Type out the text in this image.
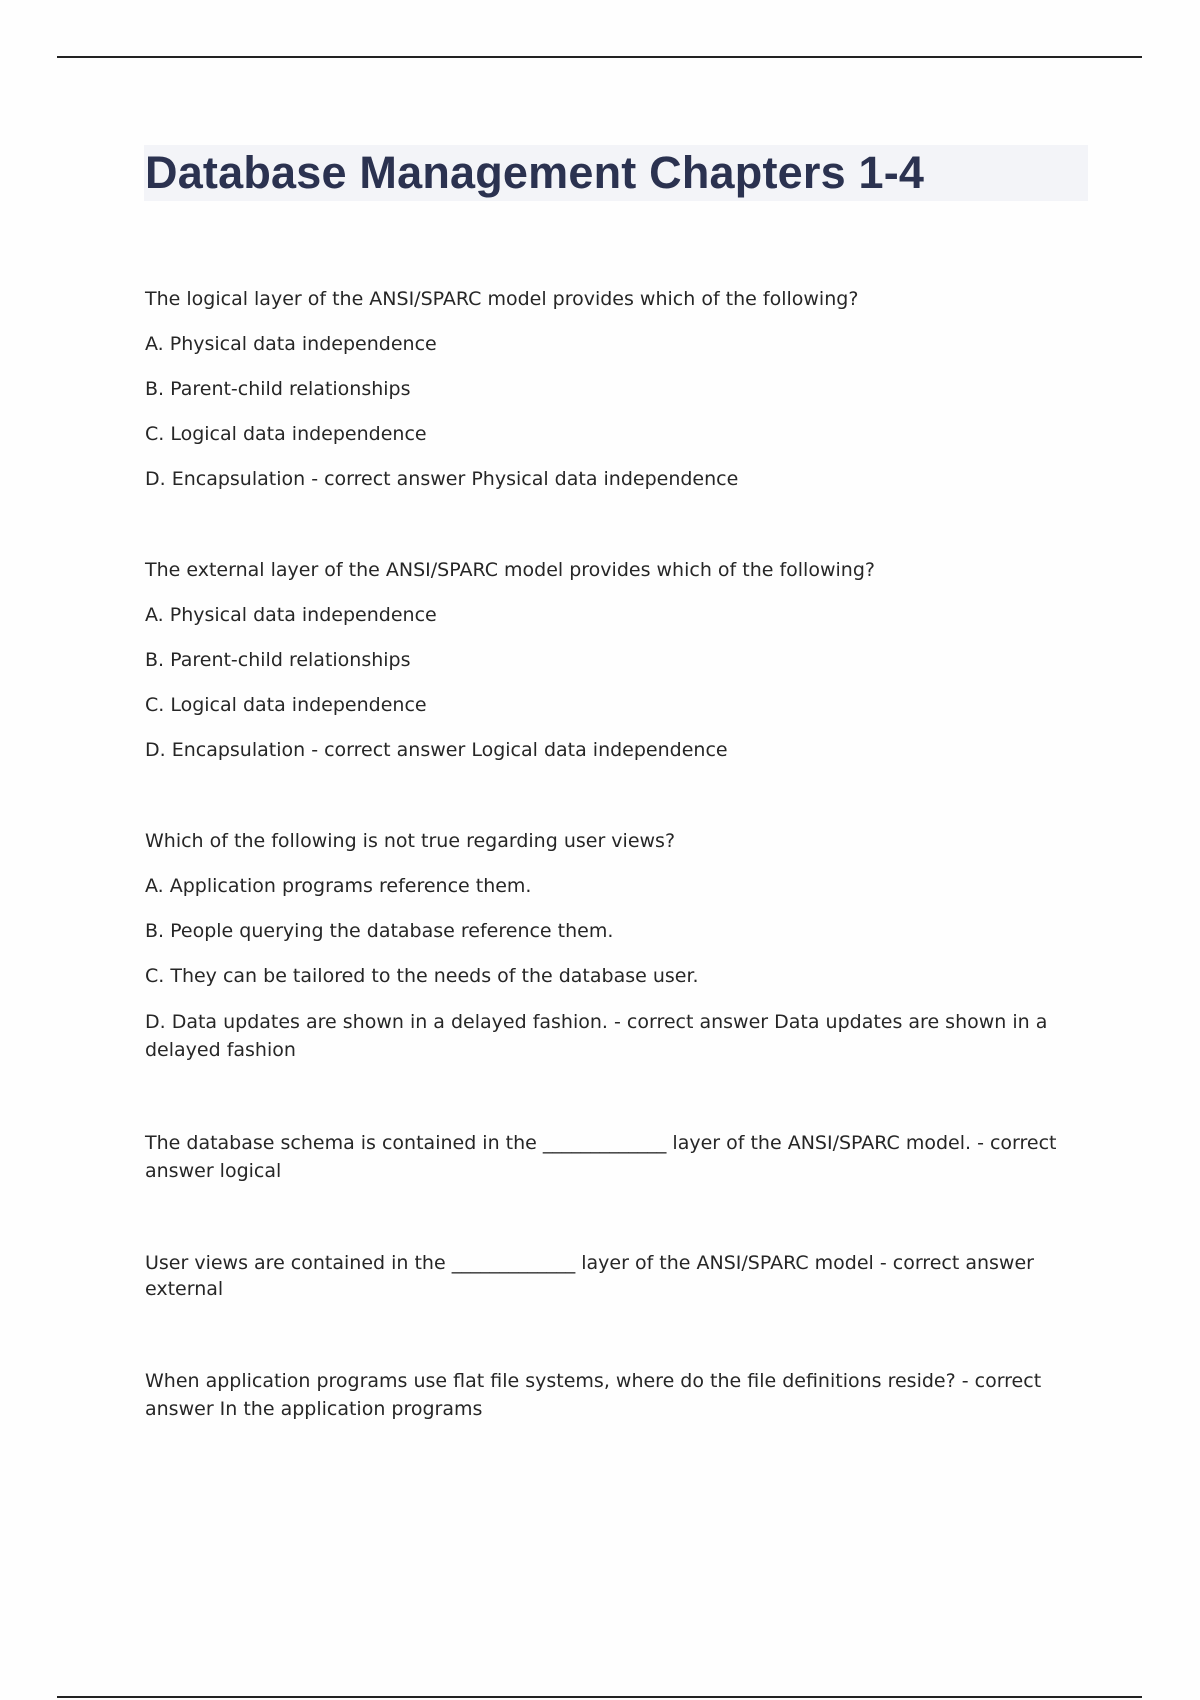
Database Management Chapters 1-4

The logical layer of the ANSI/SPARC model provides which of the following?

A. Physical data independence

B. Parent-child relationships

C. Logical data independence

D. Encapsulation - correct answer Physical data independence

The external layer of the ANSI/SPARC model provides which of the following?

A. Physical data independence

B. Parent-child relationships

C. Logical data independence

D. Encapsulation - correct answer Logical data independence

Which of the following is not true regarding user views?

A. Application programs reference them.

B. People querying the database reference them.

C. They can be tailored to the needs of the database user.

D. Data updates are shown in a delayed fashion. - correct answer Data updates are shown in a delayed fashion

The database schema is contained in the _____________ layer of the ANSI/SPARC model. - correct answer logical

User views are contained in the _____________ layer of the ANSI/SPARC model - correct answer external

When application programs use flat file systems, where do the file definitions reside? - correct answer In the application programs
